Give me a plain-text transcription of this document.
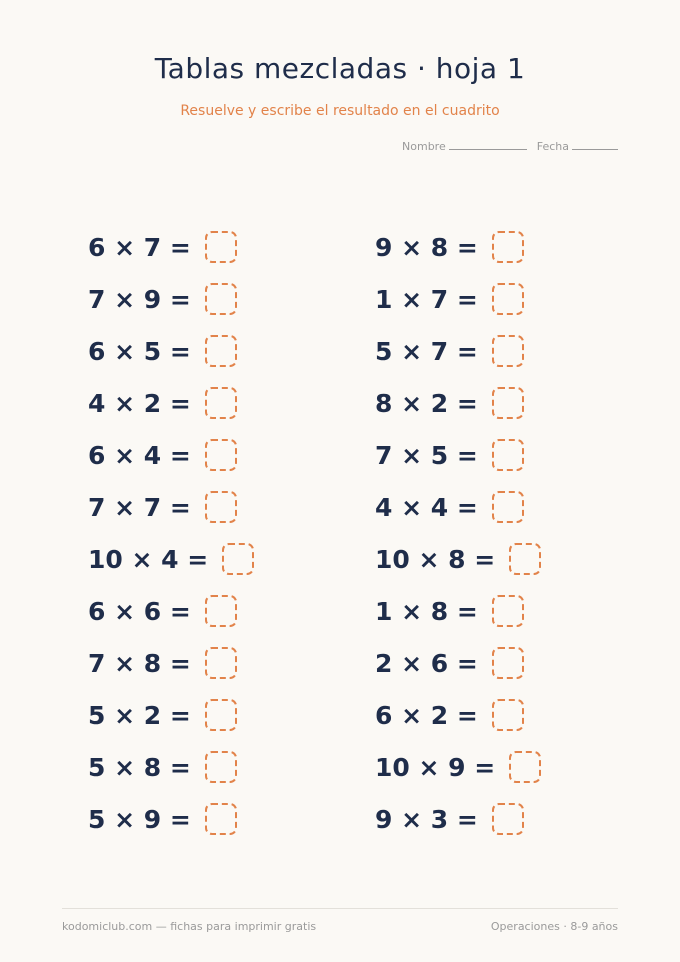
Tablas mezcladas · hoja 1
Resuelve y escribe el resultado en el cuadrito
Nombre	Fecha
6 × 7 =
7 × 9 =
6 × 5 =
4 × 2 =
6 × 4 =
7 × 7 =
10 × 4 =
6 × 6 =
7 × 8 =
5 × 2 =
5 × 8 =
5 × 9 =
9 × 8 =
1 × 7 =
5 × 7 =
8 × 2 =
7 × 5 =
4 × 4 =
10 × 8 =
1 × 8 =
2 × 6 =
6 × 2 =
10 × 9 =
9 × 3 =
kodomiclub.com — fichas para imprimir gratis	Operaciones · 8-9 años
